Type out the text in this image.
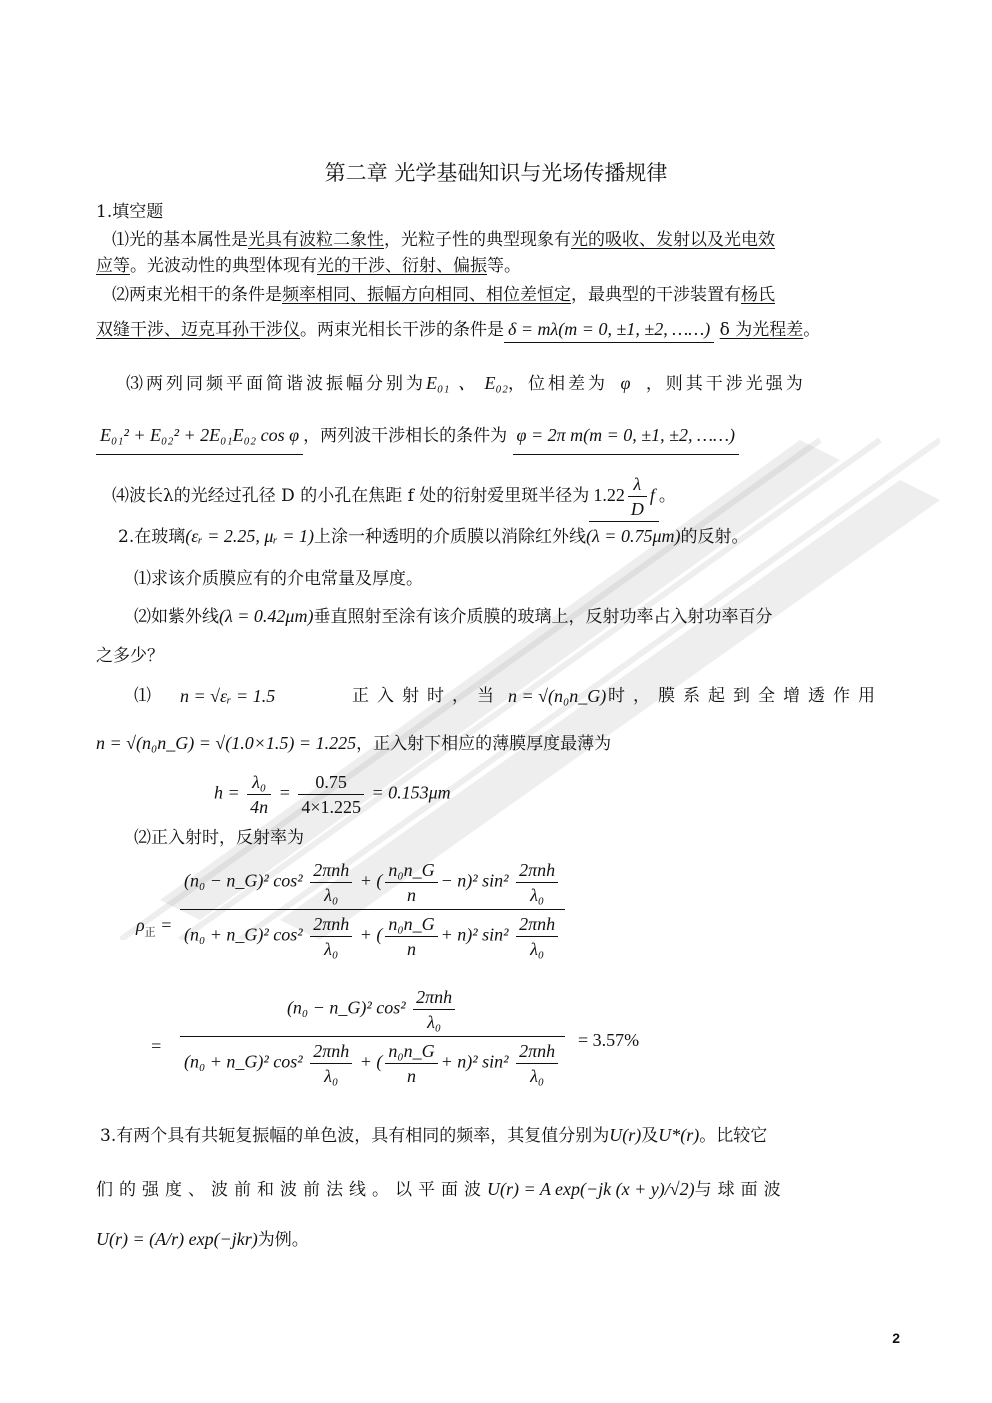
第二章 光学基础知识与光场传播规律
1.填空题
⑴光的基本属性是光具有波粒二象性，光粒子性的典型现象有光的吸收、发射以及光电效
应等。光波动性的典型体现有光的干涉、衍射、偏振等。
⑵两束光相干的条件是频率相同、振幅方向相同、相位差恒定，最典型的干涉装置有杨氏
双缝干涉、迈克耳孙干涉仪。两束光相长干涉的条件是 δ = mλ(m = 0, ±1, ±2, ……) δ 为光程差。
⑶两列同频平面简谐波振幅分别为E₀₁ 、 E₀₂，位相差为 φ ，则其干涉光强为
E₀₁² + E₀₂² + 2E₀₁E₀₂ cos φ ，两列波干涉相长的条件为 φ = 2π m(m = 0, ±1, ±2, ……)
⑷波长λ的光经过孔径 D 的小孔在焦距 f 处的衍射爱里斑半径为 $1.22 \frac{\lambda}{D}$ f 。
2.在玻璃(εᵣ = 2.25, μᵣ = 1)上涂一种透明的介质膜以消除红外线(λ = 0.75μm)的反射。
⑴求该介质膜应有的介电常量及厚度。
⑵如紫外线(λ = 0.42μm)垂直照射至涂有该介质膜的玻璃上，反射功率占入射功率百分
之多少？
⑴ n = √εᵣ = 1.5	正入射时，当 n = √(n₀n_G) 时，膜系起到全增透作用
n = √(n₀n_G) = √(1.0×1.5) = 1.225，正入射下相应的薄膜厚度最薄为
$h = \frac{\text{λ₀}}{4n} = \frac{0.75}{4\times 1.225} = 0.153\mu m$
⑵正入射时，反射率为
$\rho_正$ =
(n₀ − n_G)² $\cos^2 \frac{\text{2πnh}}{\text{λ₀}}$ + ( $\frac{\text{n₀n\_G}}{n} - n)^2$ $\sin^2 \frac{\text{2πnh}}{\text{λ₀}}$
(n₀ + n_G)² $\cos^2 \frac{\text{2πnh}}{\text{λ₀}}$ + ( $\frac{\text{n₀n\_G}}{n} + n)^2$ $\sin^2 \frac{\text{2πnh}}{\text{λ₀}}$
=
(n₀ − n_G)² $\cos^2 \frac{\text{2πnh}}{\text{λ₀}}$
(n₀ + n_G)² $\cos^2 \frac{\text{2πnh}}{\text{λ₀}}$ + ( $\frac{\text{n₀n\_G}}{n} + n)^2$ $\sin^2 \frac{\text{2πnh}}{\text{λ₀}} = 3.57\%$
3.有两个具有共轭复振幅的单色波，具有相同的频率，其复值分别为U(r)及U*(r)。比较它
们的强度、波前和波前法线。以平面波U(r) = A exp(−jk (x + y)/√2)与球面波
U(r) = (A/r) exp(−jkr)为例。
2
